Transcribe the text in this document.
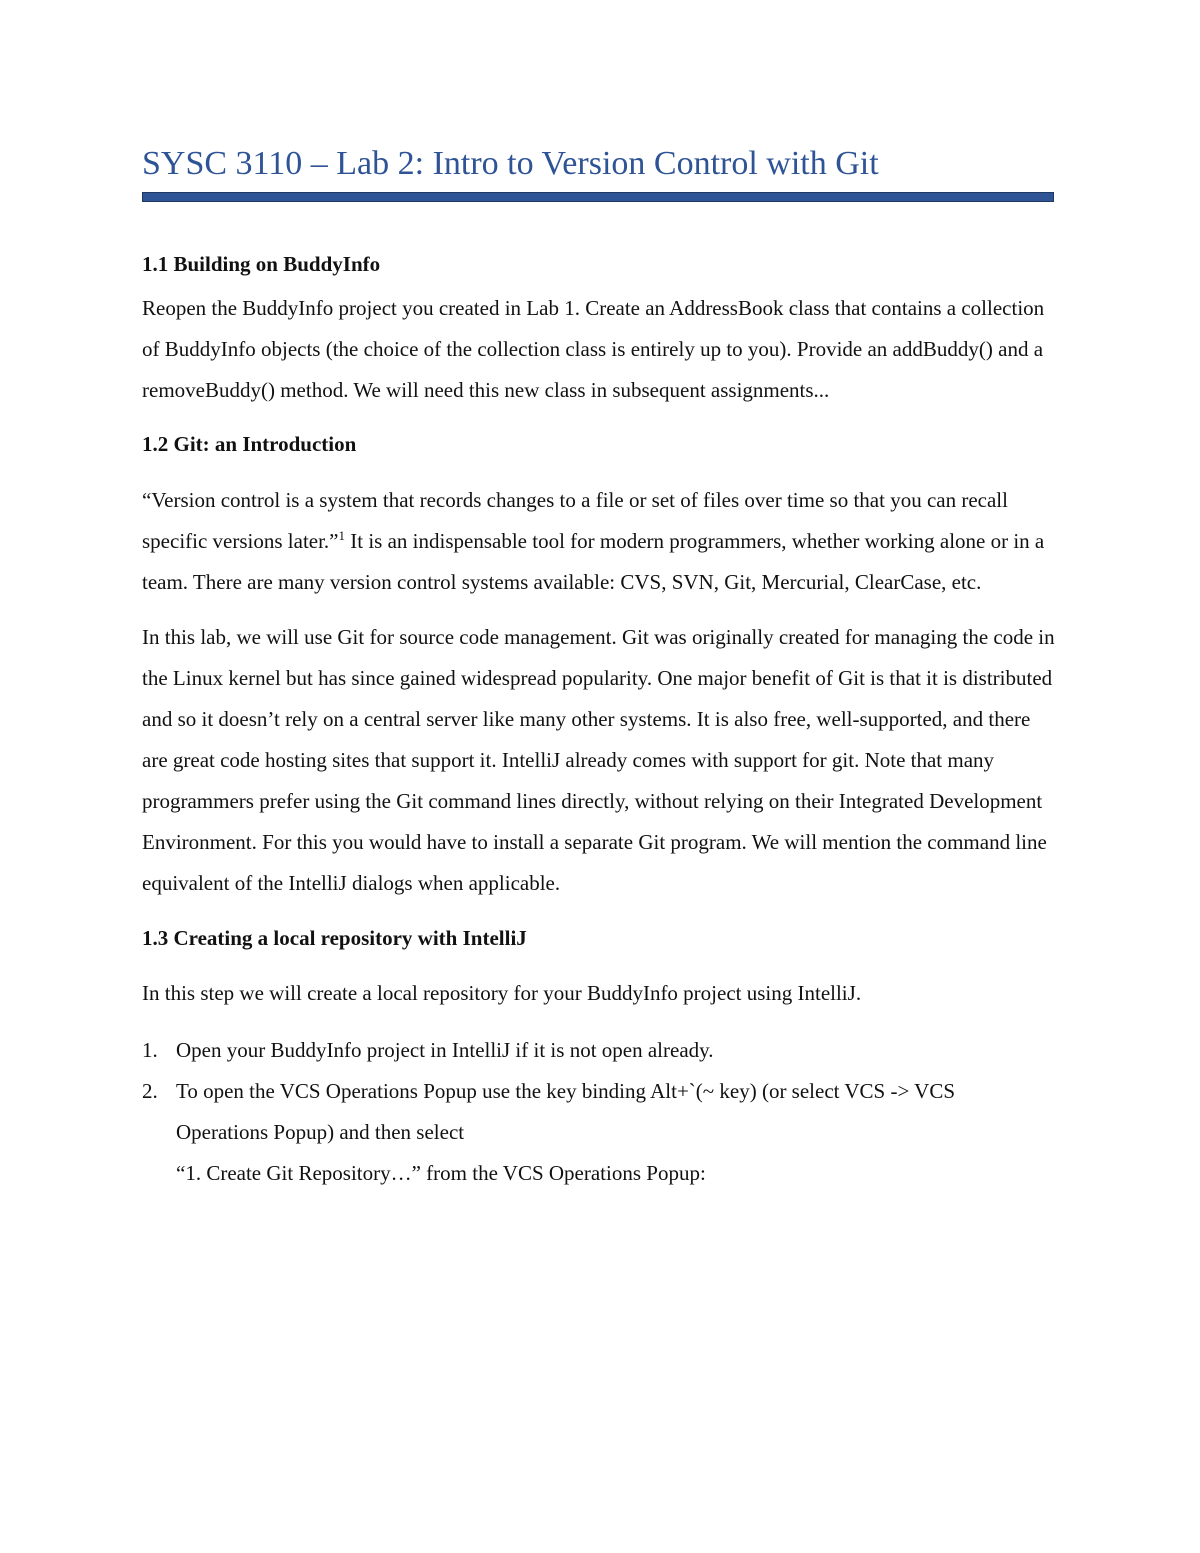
SYSC 3110 – Lab 2: Intro to Version Control with Git
1.1 Building on BuddyInfo

Reopen the BuddyInfo project you created in Lab 1. Create an AddressBook class that contains a collection of BuddyInfo objects (the choice of the collection class is entirely up to you). Provide an addBuddy() and a removeBuddy() method. We will need this new class in subsequent assignments...

1.2 Git: an Introduction

“Version control is a system that records changes to a file or set of files over time so that you can recall specific versions later.”$^1$ It is an indispensable tool for modern programmers, whether working alone or in a team. There are many version control systems available: CVS, SVN, Git, Mercurial, ClearCase, etc.

In this lab, we will use Git for source code management. Git was originally created for managing the code in the Linux kernel but has since gained widespread popularity. One major benefit of Git is that it is distributed and so it doesn’t rely on a central server like many other systems. It is also free, well-supported, and there are great code hosting sites that support it. IntelliJ already comes with support for git. Note that many programmers prefer using the Git command lines directly, without relying on their Integrated Development Environment. For this you would have to install a separate Git program. We will mention the command line equivalent of the IntelliJ dialogs when applicable.

1.3 Creating a local repository with IntelliJ

In this step we will create a local repository for your BuddyInfo project using IntelliJ.

1. Open your BuddyInfo project in IntelliJ if it is not open already.
2. To open the VCS Operations Popup use the key binding Alt+`(~ key) (or select VCS -> VCS
Operations Popup) and then select
“1. Create Git Repository…” from the VCS Operations Popup:
